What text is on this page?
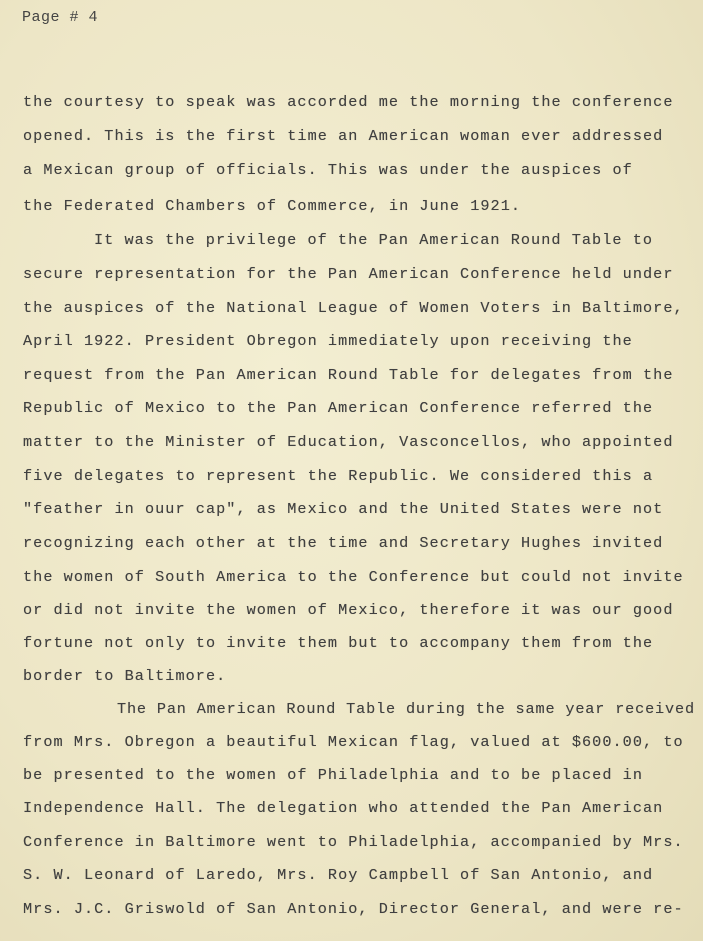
Page # 4
the courtesy to speak was accorded me the morning the conference
opened. This is the first time an American woman ever addressed
a Mexican group of officials. This was under the auspices of
the Federated Chambers of Commerce, in June 1921.
It was the privilege of the Pan American Round Table to
secure representation for the Pan American Conference held under
the auspices of the National League of Women Voters in Baltimore,
April 1922. President Obregon immediately upon receiving the
request from the Pan American Round Table for delegates from the
Republic of Mexico to the Pan American Conference referred the
matter to the Minister of Education, Vasconcellos, who appointed
five delegates to represent the Republic. We considered this a
"feather in ouur cap", as Mexico and the United States were not
recognizing each other at the time and Secretary Hughes invited
the women of South America to the Conference but could not invite
or did not invite the women of Mexico, therefore it was our good
fortune not only to invite them but to accompany them from the
border to Baltimore.
The Pan American Round Table during the same year received
from Mrs. Obregon a beautiful Mexican flag, valued at $600.00, to
be presented to the women of Philadelphia and to be placed in
Independence Hall. The delegation who attended the Pan American
Conference in Baltimore went to Philadelphia, accompanied by Mrs.
S. W. Leonard of Laredo, Mrs. Roy Campbell of San Antonio, and
Mrs. J.C. Griswold of San Antonio, Director General, and were re-
